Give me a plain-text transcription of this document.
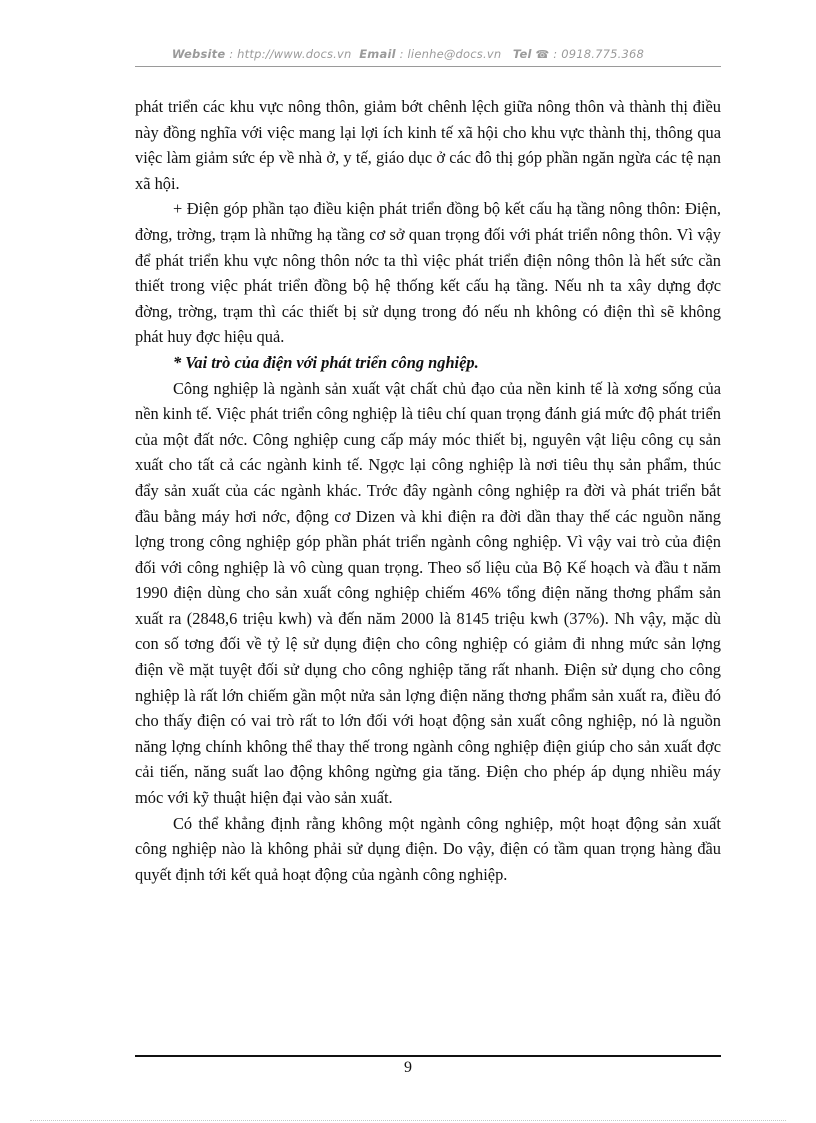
Website : http://www.docs.vn Email : lienhe@docs.vn Tel ☎ : 0918.775.368

phát triển các khu vực nông thôn, giảm bớt chênh lệch giữa nông thôn và thành thị điều này đồng nghĩa với việc mang lại lợi ích kinh tế xã hội cho khu vực thành thị, thông qua việc làm giảm sức ép về nhà ở, y tế, giáo dục ở các đô thị góp phần ngăn ngừa các tệ nạn xã hội.

+ Điện góp phần tạo điều kiện phát triển đồng bộ kết cấu hạ tầng nông thôn: Điện, đờng, trờng, trạm là những hạ tầng cơ sở quan trọng đối với phát triển nông thôn. Vì vậy để phát triển khu vực nông thôn nớc ta thì việc phát triển điện nông thôn là hết sức cần thiết trong việc phát triển đồng bộ hệ thống kết cấu hạ tầng. Nếu nh ta xây dựng đợc đờng, trờng, trạm thì các thiết bị sử dụng trong đó nếu nh không có điện thì sẽ không phát huy đợc hiệu quả.

* Vai trò của điện với phát triển công nghiệp.

Công nghiệp là ngành sản xuất vật chất chủ đạo của nền kinh tế là xơng sống của nền kinh tế. Việc phát triển công nghiệp là tiêu chí quan trọng đánh giá mức độ phát triển của một đất nớc. Công nghiệp cung cấp máy móc thiết bị, nguyên vật liệu công cụ sản xuất cho tất cả các ngành kinh tế. Ngợc lại công nghiệp là nơi tiêu thụ sản phẩm, thúc đẩy sản xuất của các ngành khác. Trớc đây ngành công nghiệp ra đời và phát triển bắt đầu bằng máy hơi nớc, động cơ Dizen và khi điện ra đời dần thay thế các nguồn năng lợng trong công nghiệp góp phần phát triển ngành công nghiệp. Vì vậy vai trò của điện đối với công nghiệp là vô cùng quan trọng. Theo số liệu của Bộ Kế hoạch và đầu t năm 1990 điện dùng cho sản xuất công nghiệp chiếm 46% tổng điện năng thơng phẩm sản xuất ra (2848,6 triệu kwh) và đến năm 2000 là 8145 triệu kwh (37%). Nh vậy, mặc dù con số tơng đối về tỷ lệ sử dụng điện cho công nghiệp có giảm đi nhng mức sản lợng điện về mặt tuyệt đối sử dụng cho công nghiệp tăng rất nhanh. Điện sử dụng cho công nghiệp là rất lớn chiếm gần một nửa sản lợng điện năng thơng phẩm sản xuất ra, điều đó cho thấy điện có vai trò rất to lớn đối với hoạt động sản xuất công nghiệp, nó là nguồn năng lợng chính không thể thay thế trong ngành công nghiệp điện giúp cho sản xuất đợc cải tiến, năng suất lao động không ngừng gia tăng. Điện cho phép áp dụng nhiều máy móc với kỹ thuật hiện đại vào sản xuất.

Có thể khẳng định rằng không một ngành công nghiệp, một hoạt động sản xuất công nghiệp nào là không phải sử dụng điện. Do vậy, điện có tầm quan trọng hàng đầu quyết định tới kết quả hoạt động của ngành công nghiệp.

9
